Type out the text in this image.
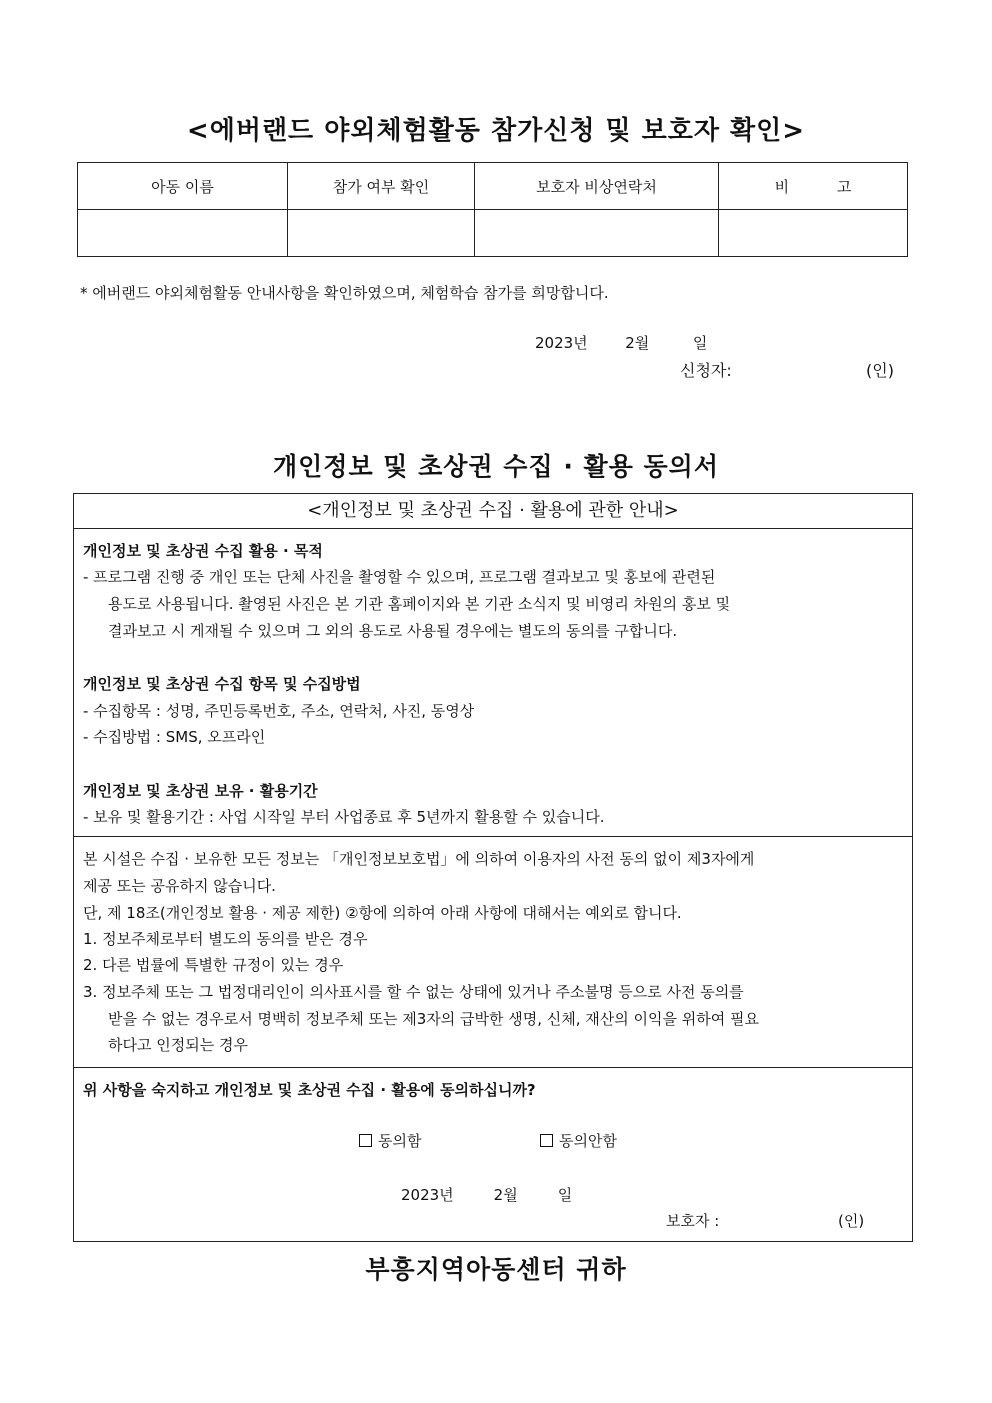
<에버랜드 야외체험활동 참가신청 및 보호자 확인>
아동 이름	참가 여부 확인	보호자 비상연락처	비          고

* 에버랜드 야외체험활동 안내사항을 확인하였으며, 체험학습 참가를 희망합니다.
2023년	2월	일
신청자:	(인)
개인정보 및 초상권 수집 · 활용 동의서
<개인정보 및 초상권 수집 · 활용에 관한 안내>
개인정보 및 초상권 수집 활용 · 목적
- 프로그램 진행 중 개인 또는 단체 사진을 촬영할 수 있으며, 프로그램 결과보고 및 홍보에 관련된
용도로 사용됩니다. 촬영된 사진은 본 기관 홈페이지와 본 기관 소식지 및 비영리 차원의 홍보 및
결과보고 시 게재될 수 있으며 그 외의 용도로 사용될 경우에는 별도의 동의를 구합니다.
개인정보 및 초상권 수집 항목 및 수집방법
- 수집항목 : 성명, 주민등록번호, 주소, 연락처, 사진, 동영상
- 수집방법 : SMS, 오프라인
개인정보 및 초상권 보유 · 활용기간
- 보유 및 활용기간 : 사업 시작일 부터 사업종료 후 5년까지 활용할 수 있습니다.
본 시설은 수집 · 보유한 모든 정보는 「개인정보보호법」에 의하여 이용자의 사전 동의 없이 제3자에게
제공 또는 공유하지 않습니다.
단, 제 18조(개인정보 활용 · 제공 제한) ②항에 의하여 아래 사항에 대해서는 예외로 합니다.
1. 정보주체로부터 별도의 동의를 받은 경우
2. 다른 법률에 특별한 규정이 있는 경우
3. 정보주체 또는 그 법정대리인이 의사표시를 할 수 없는 상태에 있거나 주소불명 등으로 사전 동의를
받을 수 없는 경우로서 명백히 정보주체 또는 제3자의 급박한 생명, 신체, 재산의 이익을 위하여 필요
하다고 인정되는 경우
위 사항을 숙지하고 개인정보 및 초상권 수집 · 활용에 동의하십니까?
동의함	동의안함
2023년	2월	일
보호자 :	(인)
부흥지역아동센터 귀하
